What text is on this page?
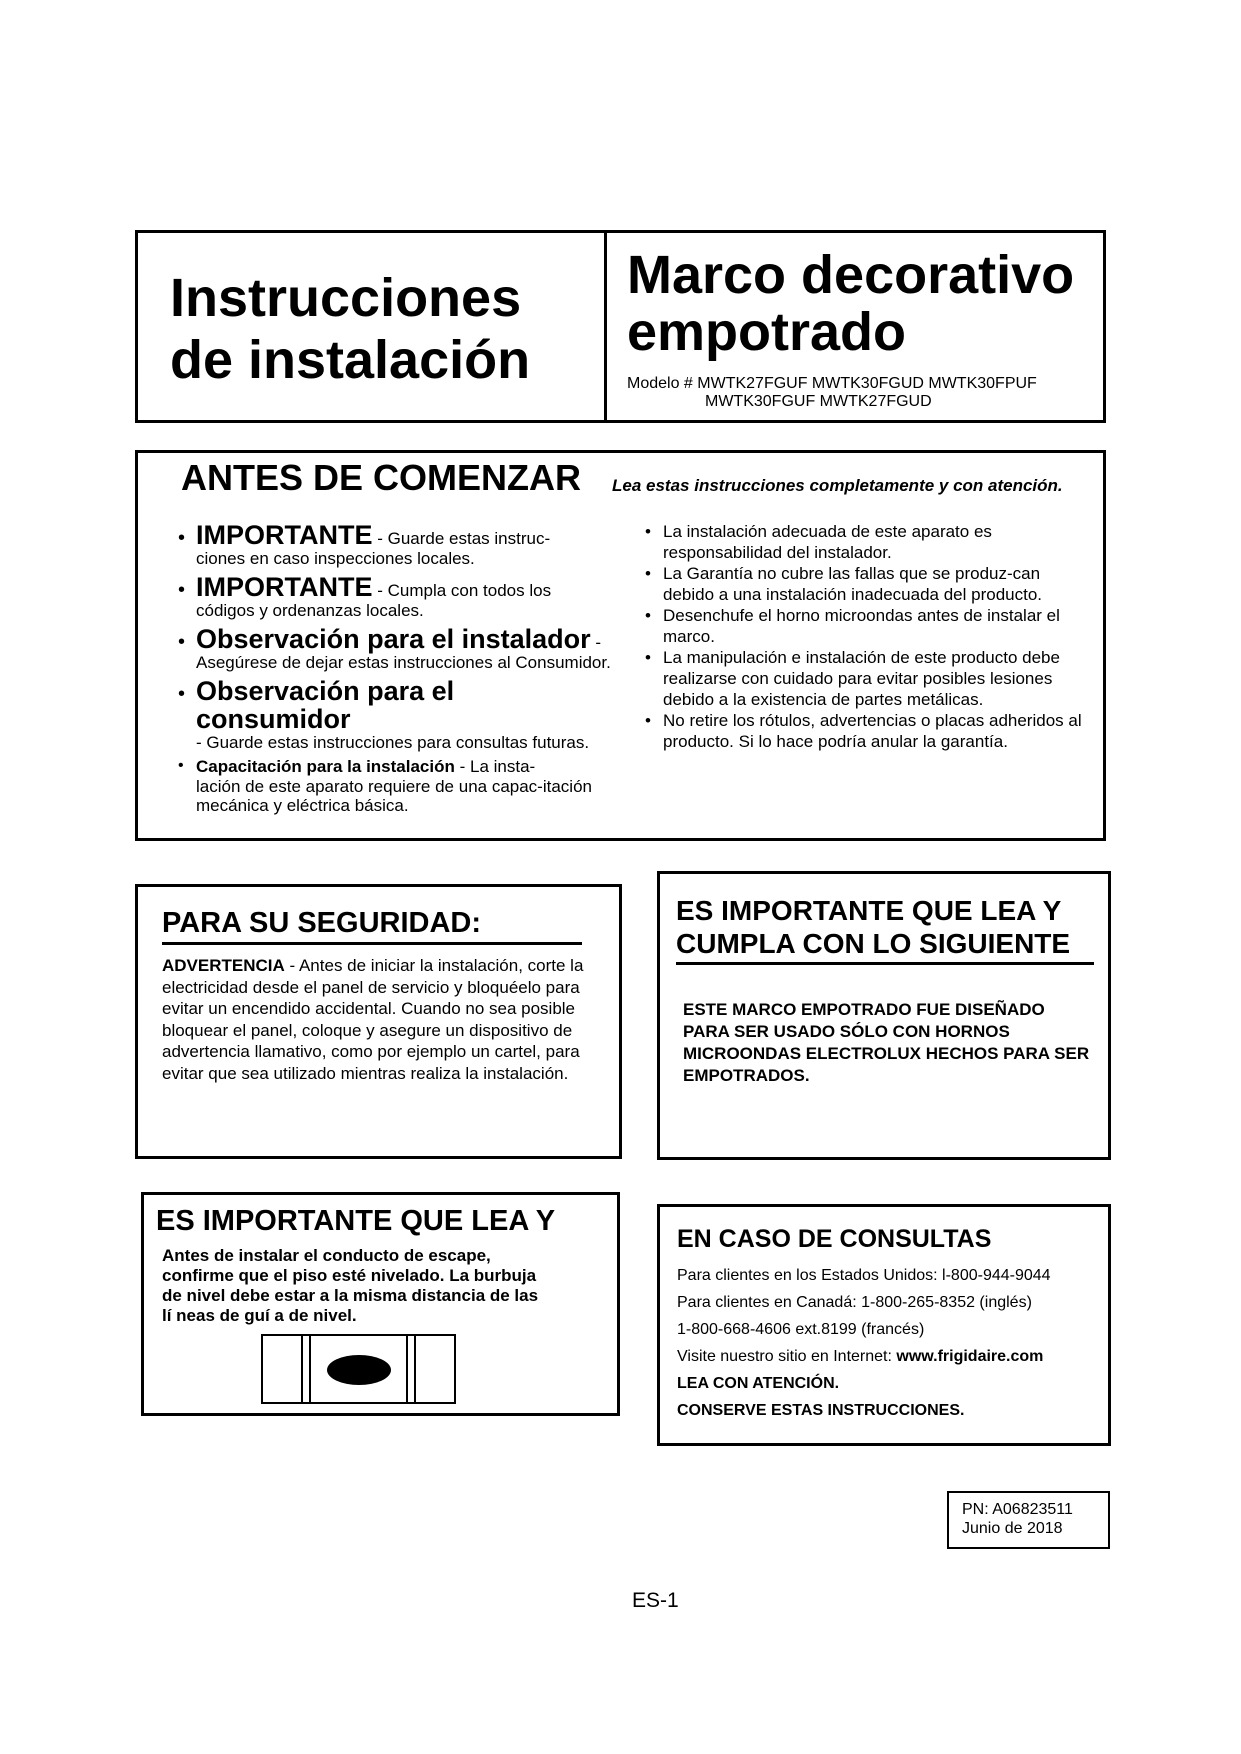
Instrucciones
de instalación
Marco decorativo
empotrado
Modelo # MWTK27FGUF MWTK30FGUD MWTK30FPUF
MWTK30FGUF MWTK27FGUD
ANTES DE COMENZAR Lea estas instrucciones completamente y con atención.
• IMPORTANTE - Guarde estas instruc-
ciones en caso inspecciones locales.
• IMPORTANTE - Cumpla con todos los
códigos y ordenanzas locales.
• Observación para el instalador -
Asegúrese de dejar estas instrucciones al Consumidor.
• Observación para el consumidor
- Guarde estas instrucciones para consultas futuras.
• Capacitación para la instalación - La insta-
lación de este aparato requiere de una capac-itación mecánica y eléctrica básica.
• La instalación adecuada de este aparato es responsabilidad del instalador.
• La Garantía no cubre las fallas que se produz-can debido a una instalación inadecuada del producto.
• Desenchufe el horno microondas antes de instalar el marco.
• La manipulación e instalación de este producto debe realizarse con cuidado para evitar posibles lesiones debido a la existencia de partes metálicas.
• No retire los rótulos, advertencias o placas adheridos al producto. Si lo hace podría anular la garantía.
PARA SU SEGURIDAD:
ADVERTENCIA - Antes de iniciar la instalación, corte la electricidad desde el panel de servicio y bloquéelo para evitar un encendido accidental. Cuando no sea posible bloquear el panel, coloque y asegure un dispositivo de advertencia llamativo, como por ejemplo un cartel, para evitar que sea utilizado mientras realiza la instalación.
ES IMPORTANTE QUE LEA Y
CUMPLA CON LO SIGUIENTE
ESTE MARCO EMPOTRADO FUE DISEÑADO PARA SER USADO SÓLO CON HORNOS MICROONDAS ELECTROLUX HECHOS PARA SER EMPOTRADOS.
ES IMPORTANTE QUE LEA Y
Antes de instalar el conducto de escape, confirme que el piso esté nivelado. La burbuja de nivel debe estar a la misma distancia de las lí neas de guí a de nivel.
EN CASO DE CONSULTAS
Para clientes en los Estados Unidos: l-800-944-9044
Para clientes en Canadá: 1-800-265-8352 (inglés)
1-800-668-4606 ext.8199 (francés)
Visite nuestro sitio en Internet: www.frigidaire.com
LEA CON ATENCIÓN.
CONSERVE ESTAS INSTRUCCIONES.
PN: A06823511
Junio de 2018
ES-1
